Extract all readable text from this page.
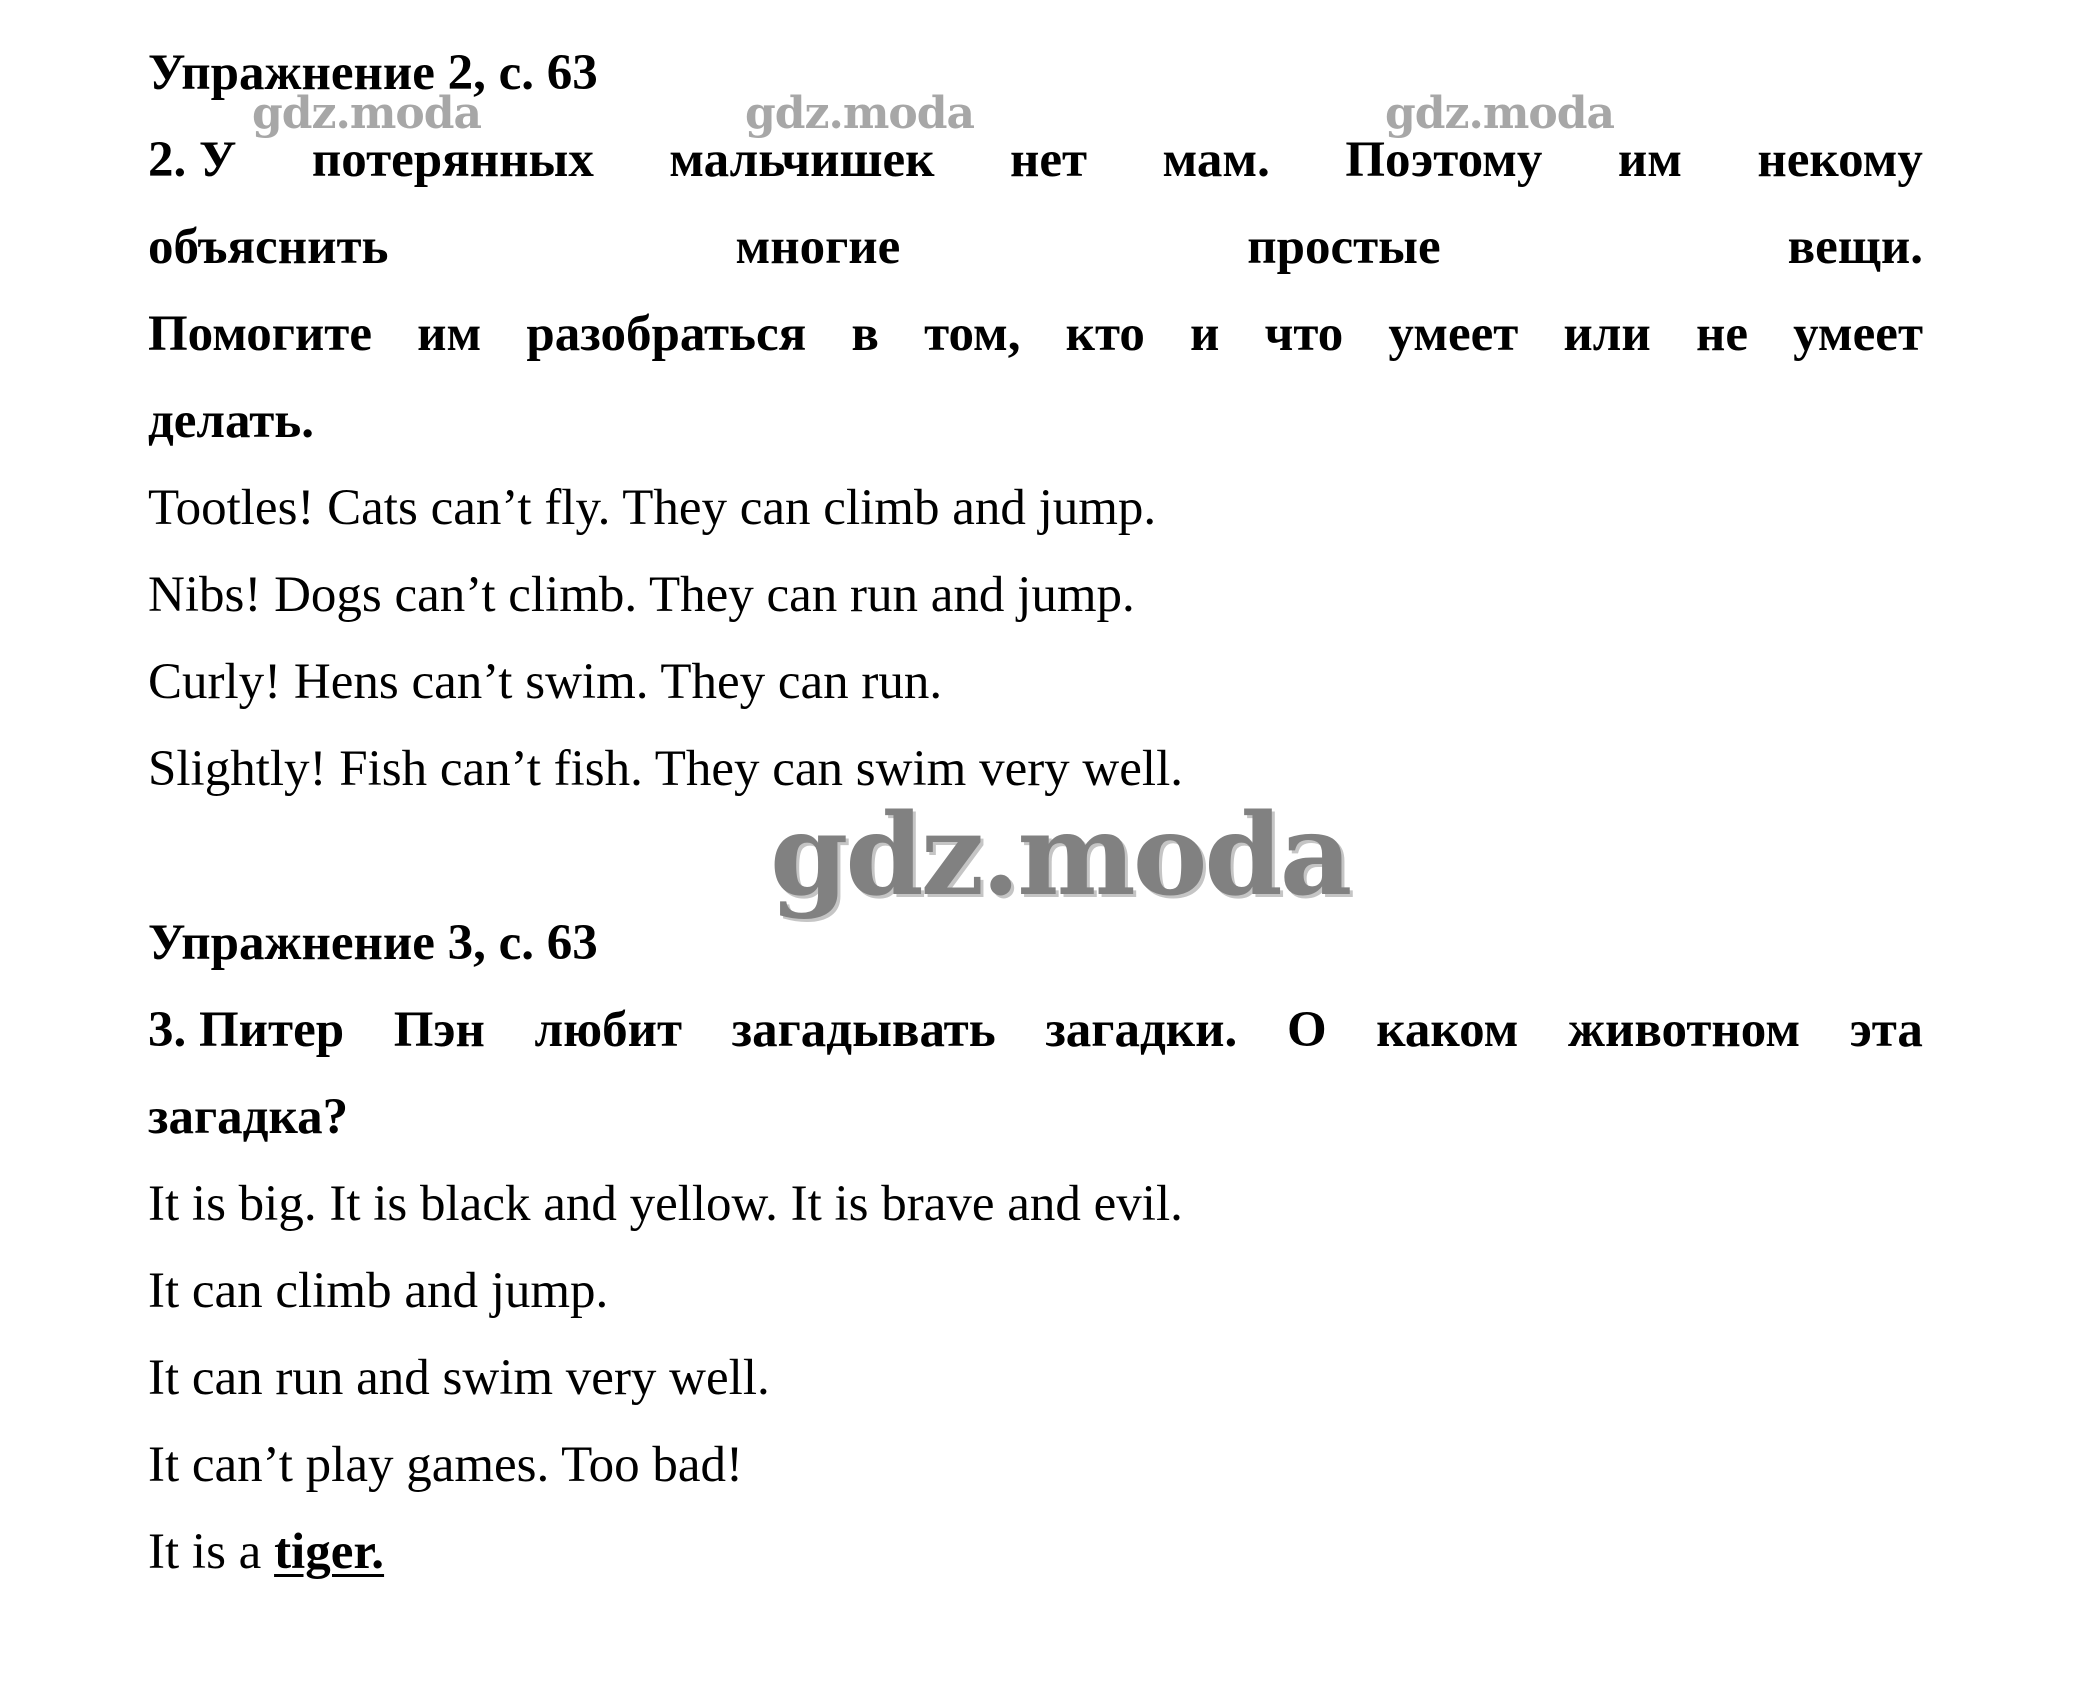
Упражнение 2, с. 63
2. У потерянных мальчишек нет мам. Поэтому им некому
объяснить	многие	простые	вещи.
Помогите им разобраться в том, кто и что умеет или не умеет
делать.
Tootles! Cats can’t fly. They can climb and jump.
Nibs! Dogs can’t climb. They can run and jump.
Curly! Hens can’t swim. They can run.
Slightly! Fish can’t fish. They can swim very well.
Упражнение 3, с. 63
3. Питер Пэн любит загадывать загадки. О каком животном эта
загадка?
It is big. It is black and yellow. It is brave and evil.
It can climb and jump.
It can run and swim very well.
It can’t play games. Too bad!
It is a tiger.
gdz.moda	gdz.moda	gdz.moda
gdz.moda
